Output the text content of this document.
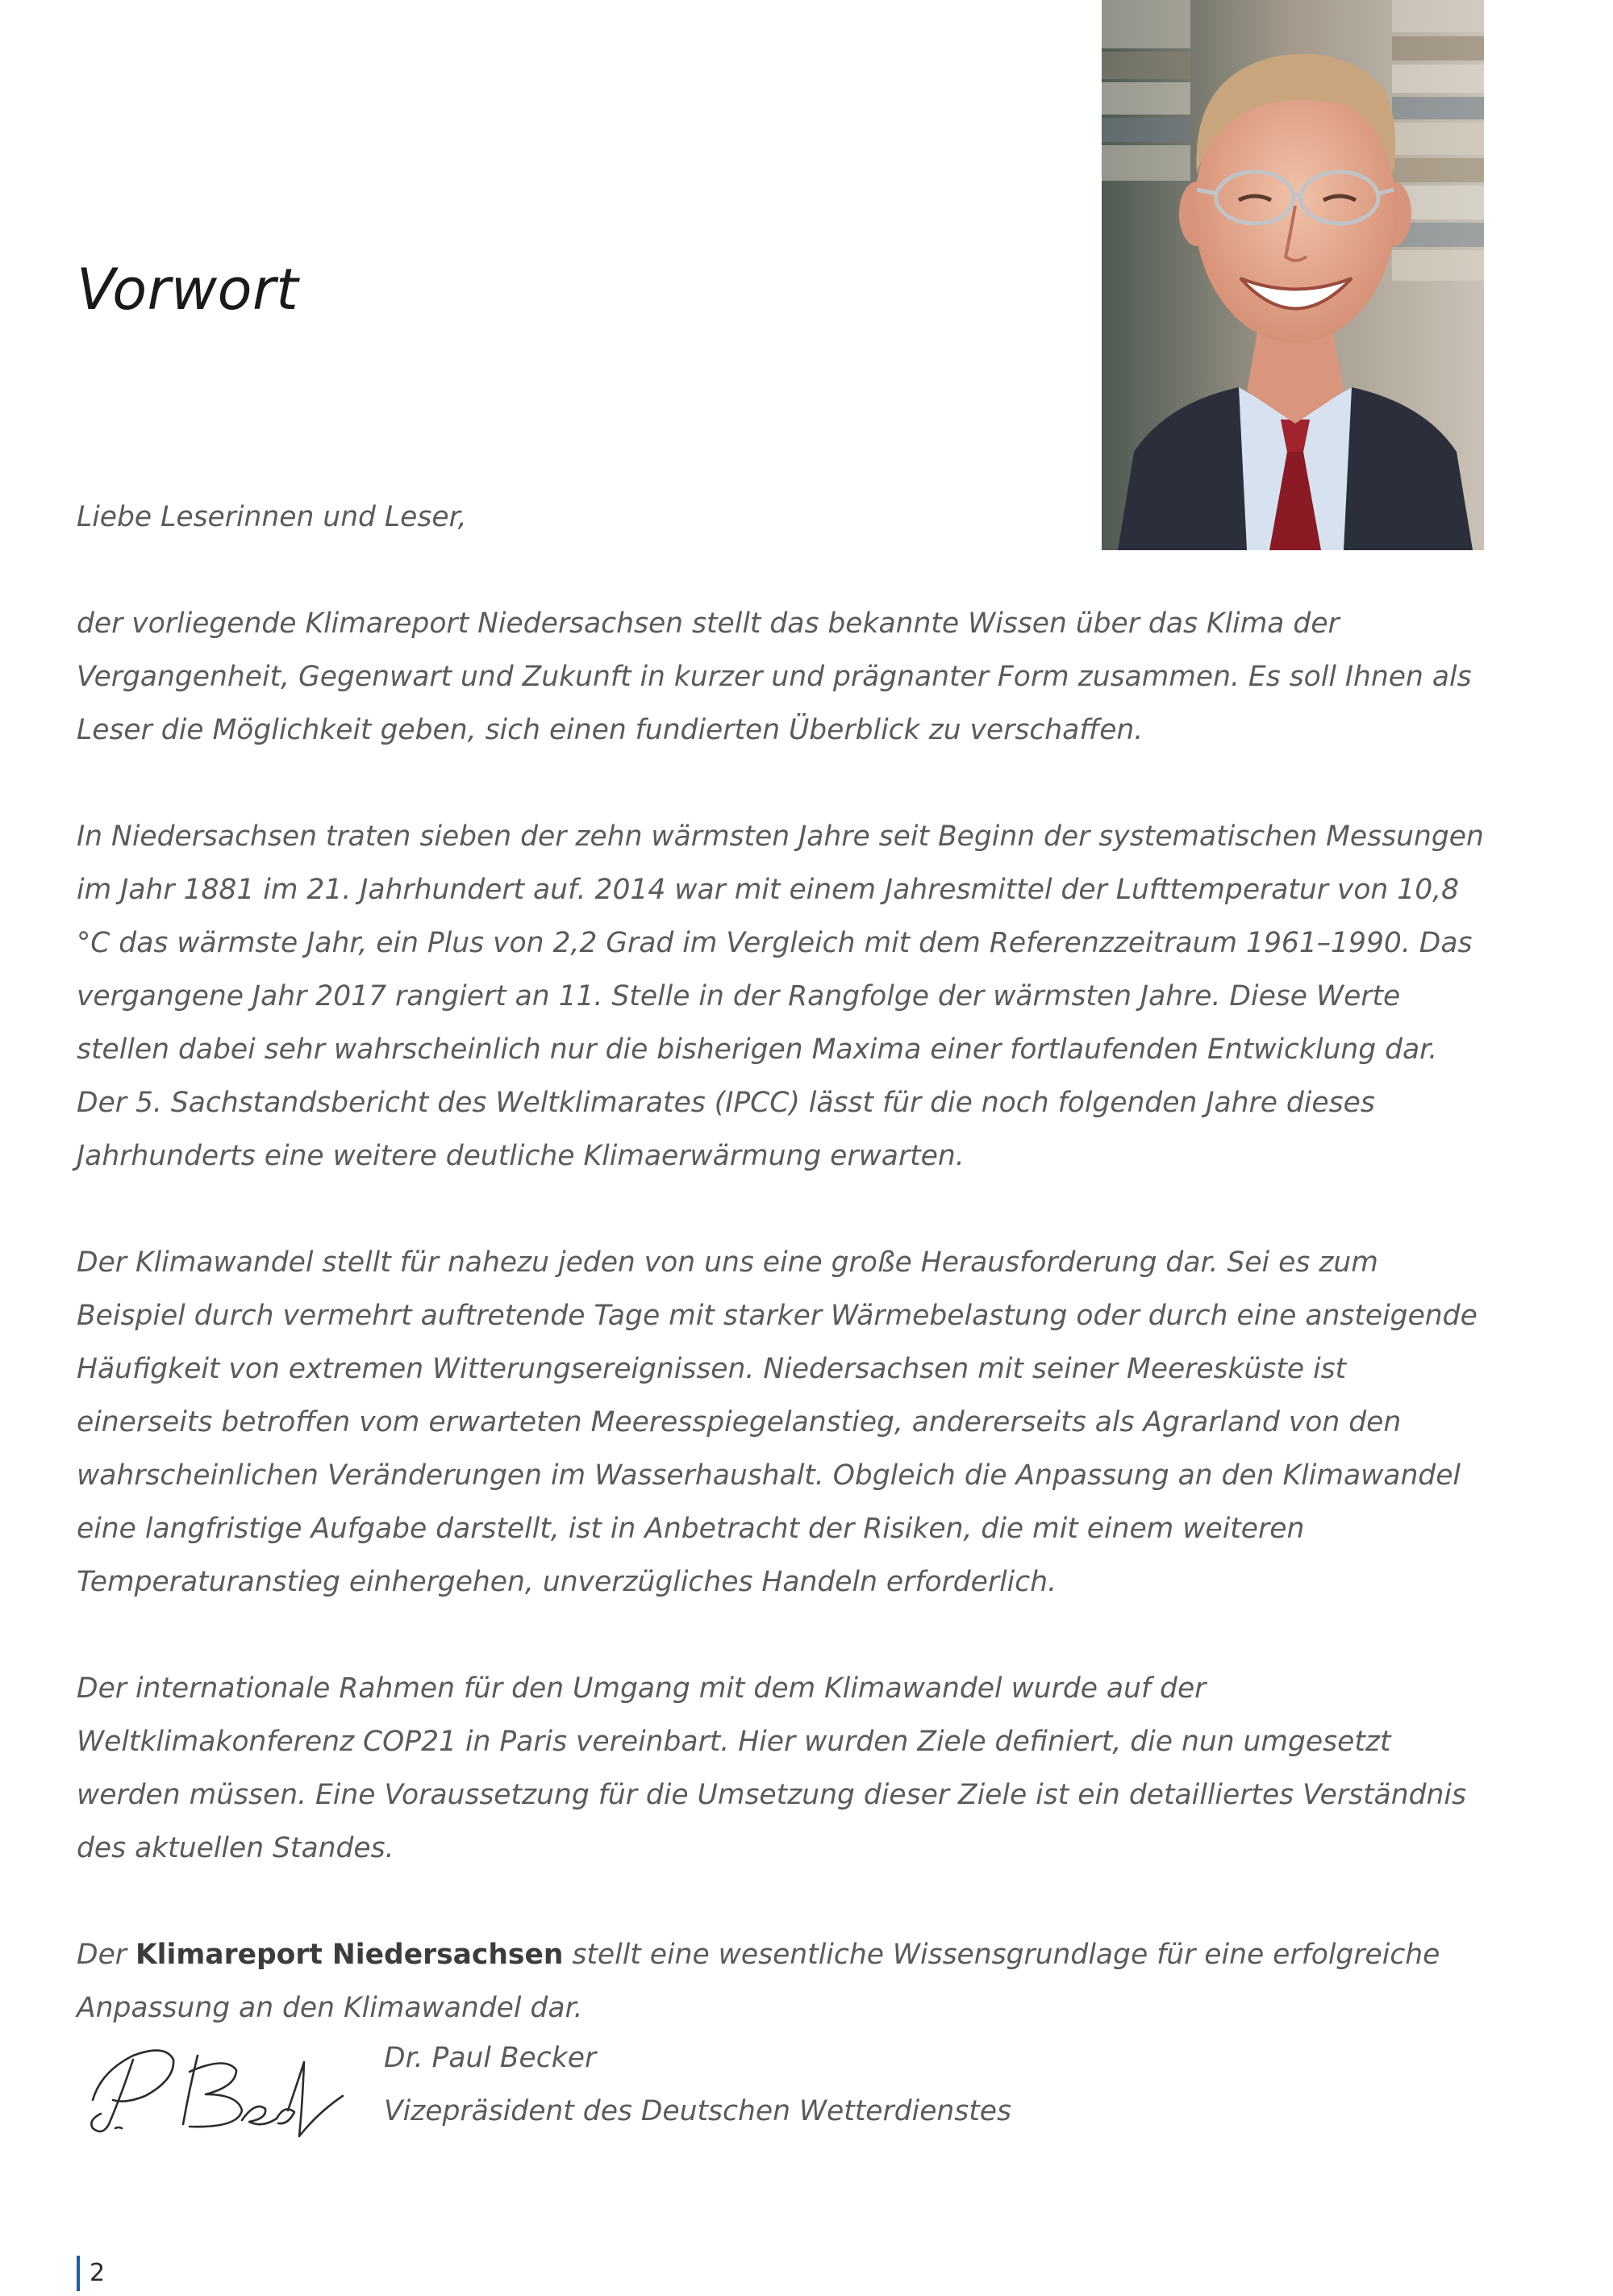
Vorwort
Liebe Leserinnen und Leser,

der vorliegende Klimareport Niedersachsen stellt das bekannte Wissen über das Klima der Vergangenheit, Gegenwart und Zukunft in kurzer und prägnanter Form zusammen. Es soll Ihnen als Leser die Möglichkeit geben, sich einen fundierten Überblick zu verschaffen.

In Niedersachsen traten sieben der zehn wärmsten Jahre seit Beginn der systematischen Messungen im Jahr 1881 im 21. Jahrhundert auf. 2014 war mit einem Jahresmittel der Lufttemperatur von 10,8 °C das wärmste Jahr, ein Plus von 2,2 Grad im Vergleich mit dem Referenzzeitraum 1961–1990. Das vergangene Jahr 2017 rangiert an 11. Stelle in der Rangfolge der wärmsten Jahre. Diese Werte stellen dabei sehr wahrscheinlich nur die bisherigen Maxima einer fortlaufenden Entwicklung dar. Der 5. Sachstandsbericht des Weltklimarates (IPCC) lässt für die noch folgenden Jahre dieses Jahrhunderts eine weitere deutliche Klimaerwärmung erwarten.

Der Klimawandel stellt für nahezu jeden von uns eine große Herausforderung dar. Sei es zum Beispiel durch vermehrt auftretende Tage mit starker Wärmebelastung oder durch eine ansteigende Häufigkeit von extremen Witterungsereignissen. Niedersachsen mit seiner Meeresküste ist einerseits betroffen vom erwarteten Meeresspiegelanstieg, andererseits als Agrarland von den wahrscheinlichen Veränderungen im Wasserhaushalt. Obgleich die Anpassung an den Klimawandel eine langfristige Aufgabe darstellt, ist in Anbetracht der Risiken, die mit einem weiteren Temperaturanstieg einhergehen, unverzügliches Handeln erforderlich.

Der internationale Rahmen für den Umgang mit dem Klimawandel wurde auf der Weltklimakonferenz COP21 in Paris vereinbart. Hier wurden Ziele definiert, die nun umgesetzt werden müssen. Eine Voraussetzung für die Umsetzung dieser Ziele ist ein detailliertes Verständnis des aktuellen Standes.

Der Klimareport Niedersachsen stellt eine wesentliche Wissensgrundlage für eine erfolgreiche Anpassung an den Klimawandel dar.

Dr. Paul Becker
Vizepräsident des Deutschen Wetterdienstes
2
